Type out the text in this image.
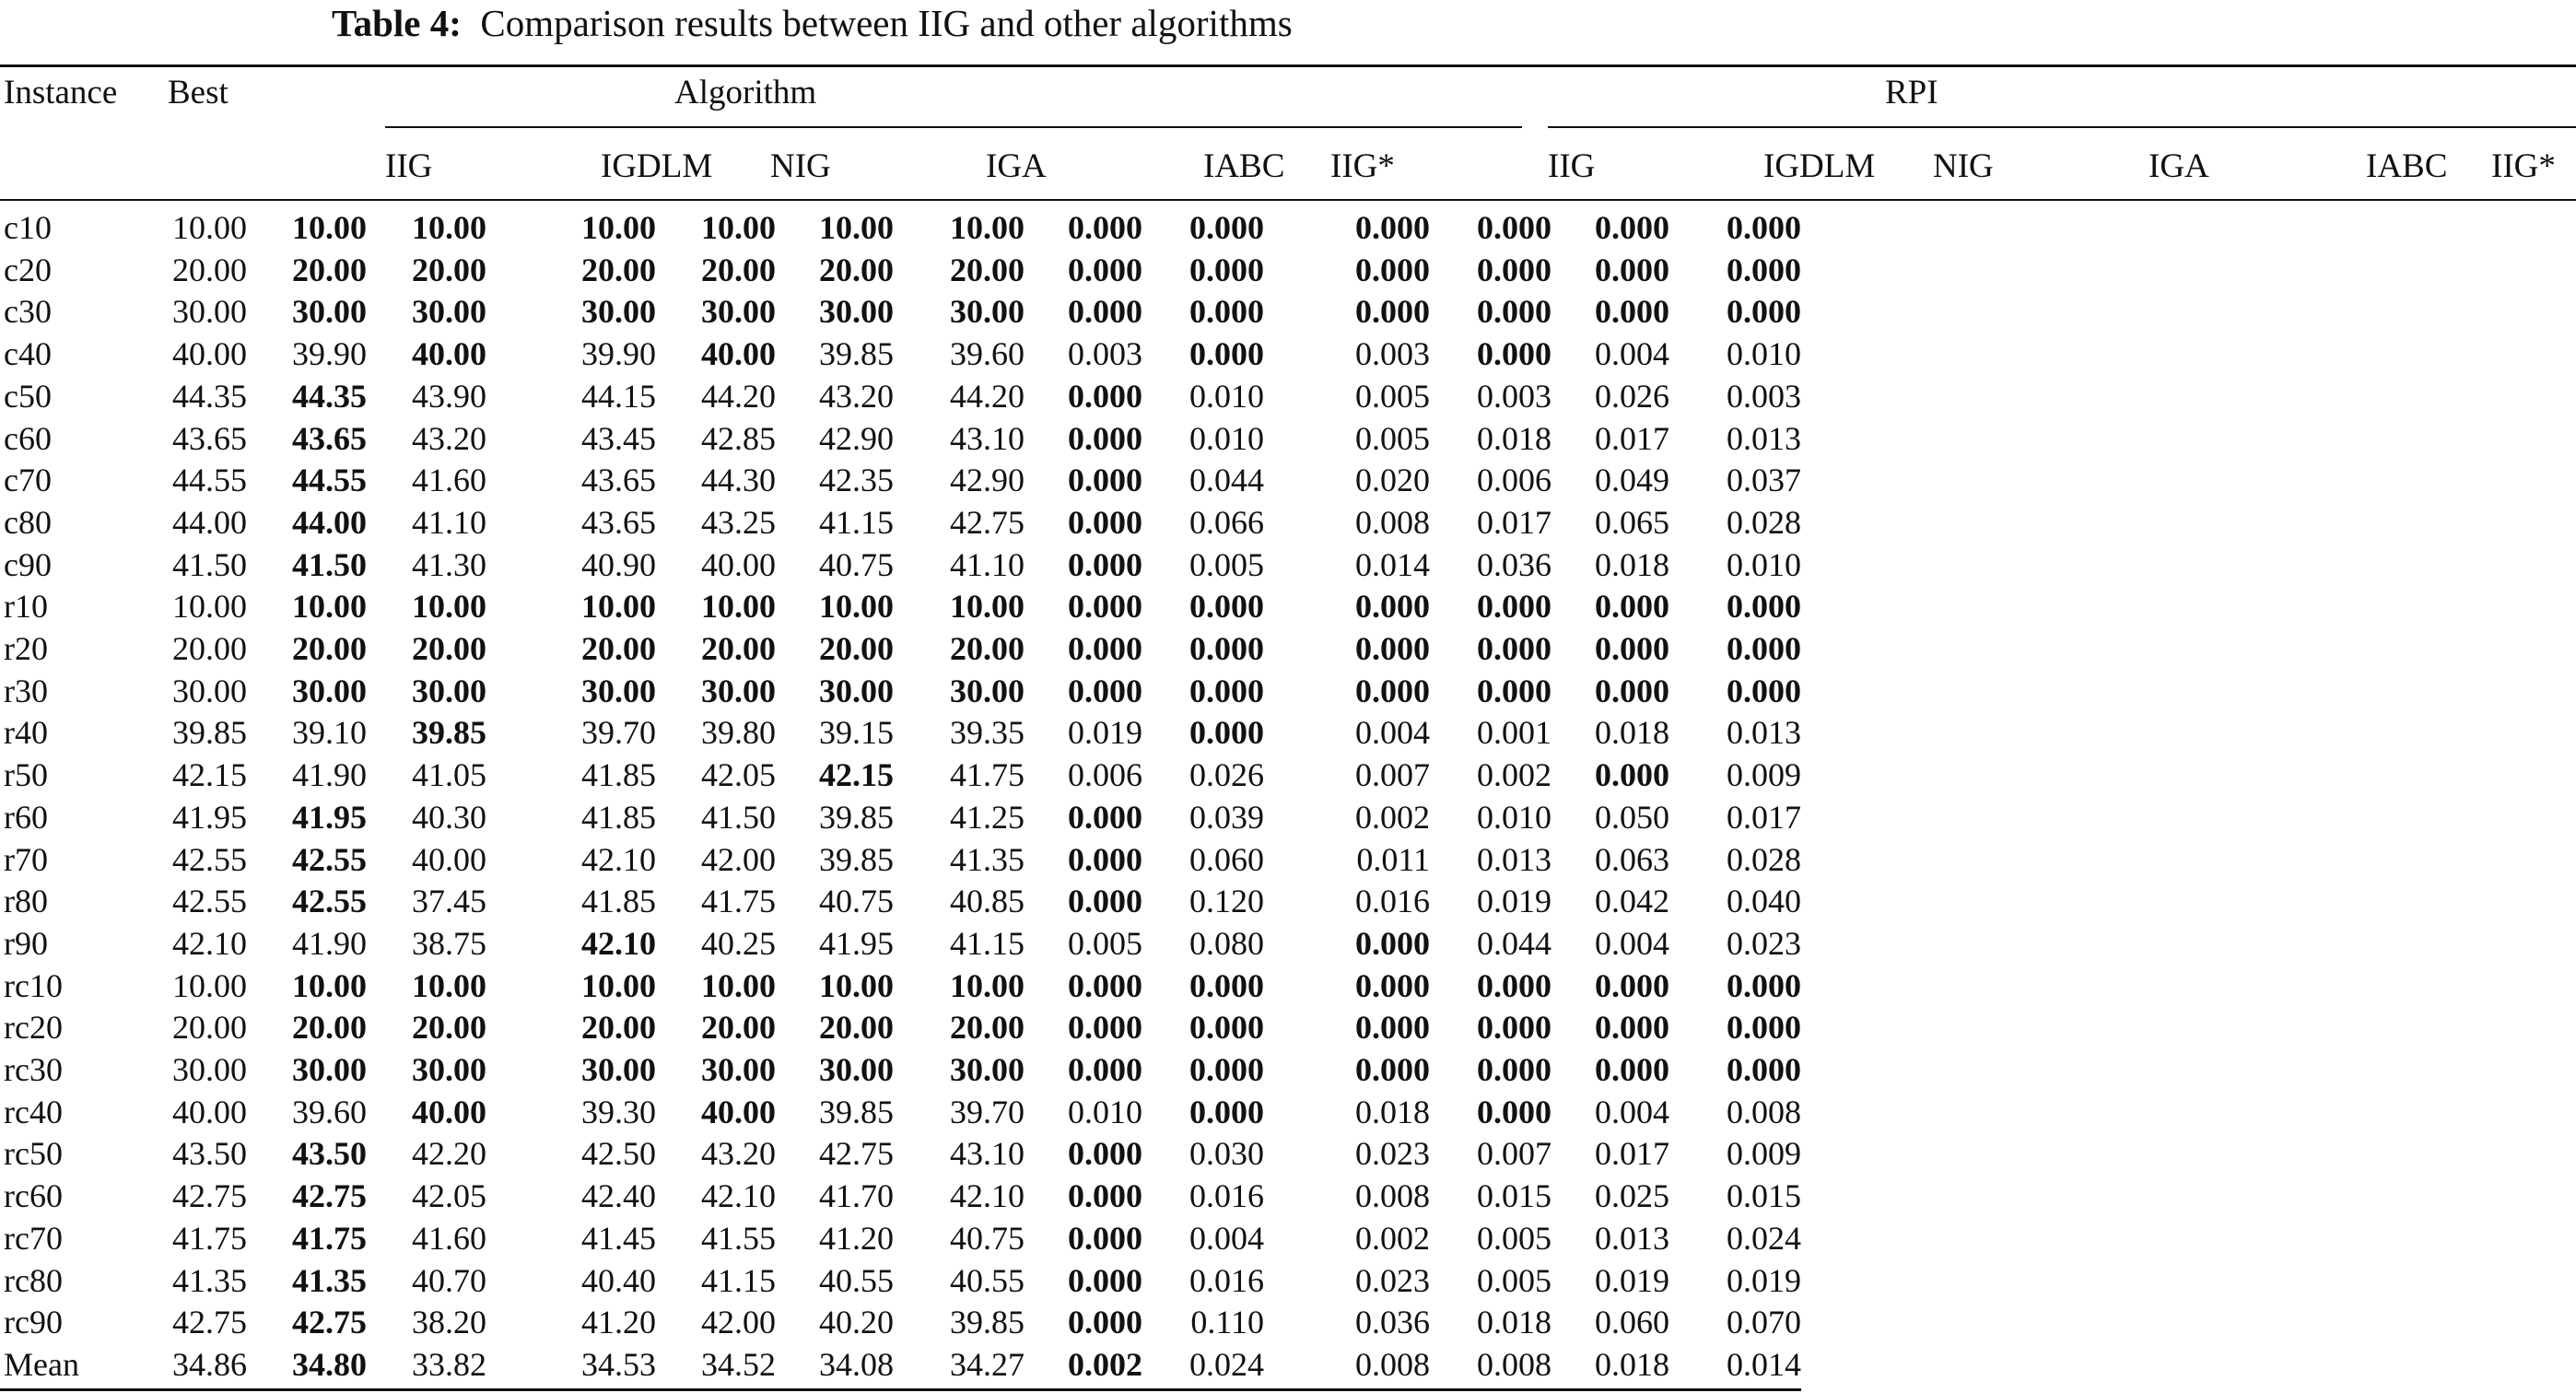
Table 4: Comparison results between IIG and other algorithms
Instance Best	Algorithm	RPI
IIG	IGDLM NIG	IGA	IABC IIG*	IIG	IGDLM NIG	IGA	IABC IIG*
c10	10.00	10.00	10.00	10.00	10.00	10.00	10.00	0.000	0.000	0.000	0.000	0.000	0.000
c20	20.00	20.00	20.00	20.00	20.00	20.00	20.00	0.000	0.000	0.000	0.000	0.000	0.000
c30	30.00	30.00	30.00	30.00	30.00	30.00	30.00	0.000	0.000	0.000	0.000	0.000	0.000
c40	40.00	39.90	40.00	39.90	40.00	39.85	39.60	0.003	0.000	0.003	0.000	0.004	0.010
c50	44.35	44.35	43.90	44.15	44.20	43.20	44.20	0.000	0.010	0.005	0.003	0.026	0.003
c60	43.65	43.65	43.20	43.45	42.85	42.90	43.10	0.000	0.010	0.005	0.018	0.017	0.013
c70	44.55	44.55	41.60	43.65	44.30	42.35	42.90	0.000	0.044	0.020	0.006	0.049	0.037
c80	44.00	44.00	41.10	43.65	43.25	41.15	42.75	0.000	0.066	0.008	0.017	0.065	0.028
c90	41.50	41.50	41.30	40.90	40.00	40.75	41.10	0.000	0.005	0.014	0.036	0.018	0.010
r10	10.00	10.00	10.00	10.00	10.00	10.00	10.00	0.000	0.000	0.000	0.000	0.000	0.000
r20	20.00	20.00	20.00	20.00	20.00	20.00	20.00	0.000	0.000	0.000	0.000	0.000	0.000
r30	30.00	30.00	30.00	30.00	30.00	30.00	30.00	0.000	0.000	0.000	0.000	0.000	0.000
r40	39.85	39.10	39.85	39.70	39.80	39.15	39.35	0.019	0.000	0.004	0.001	0.018	0.013
r50	42.15	41.90	41.05	41.85	42.05	42.15	41.75	0.006	0.026	0.007	0.002	0.000	0.009
r60	41.95	41.95	40.30	41.85	41.50	39.85	41.25	0.000	0.039	0.002	0.010	0.050	0.017
r70	42.55	42.55	40.00	42.10	42.00	39.85	41.35	0.000	0.060	0.011	0.013	0.063	0.028
r80	42.55	42.55	37.45	41.85	41.75	40.75	40.85	0.000	0.120	0.016	0.019	0.042	0.040
r90	42.10	41.90	38.75	42.10	40.25	41.95	41.15	0.005	0.080	0.000	0.044	0.004	0.023
rc10	10.00	10.00	10.00	10.00	10.00	10.00	10.00	0.000	0.000	0.000	0.000	0.000	0.000
rc20	20.00	20.00	20.00	20.00	20.00	20.00	20.00	0.000	0.000	0.000	0.000	0.000	0.000
rc30	30.00	30.00	30.00	30.00	30.00	30.00	30.00	0.000	0.000	0.000	0.000	0.000	0.000
rc40	40.00	39.60	40.00	39.30	40.00	39.85	39.70	0.010	0.000	0.018	0.000	0.004	0.008
rc50	43.50	43.50	42.20	42.50	43.20	42.75	43.10	0.000	0.030	0.023	0.007	0.017	0.009
rc60	42.75	42.75	42.05	42.40	42.10	41.70	42.10	0.000	0.016	0.008	0.015	0.025	0.015
rc70	41.75	41.75	41.60	41.45	41.55	41.20	40.75	0.000	0.004	0.002	0.005	0.013	0.024
rc80	41.35	41.35	40.70	40.40	41.15	40.55	40.55	0.000	0.016	0.023	0.005	0.019	0.019
rc90	42.75	42.75	38.20	41.20	42.00	40.20	39.85	0.000	0.110	0.036	0.018	0.060	0.070
Mean	34.86	34.80	33.82	34.53	34.52	34.08	34.27	0.002	0.024	0.008	0.008	0.018	0.014
